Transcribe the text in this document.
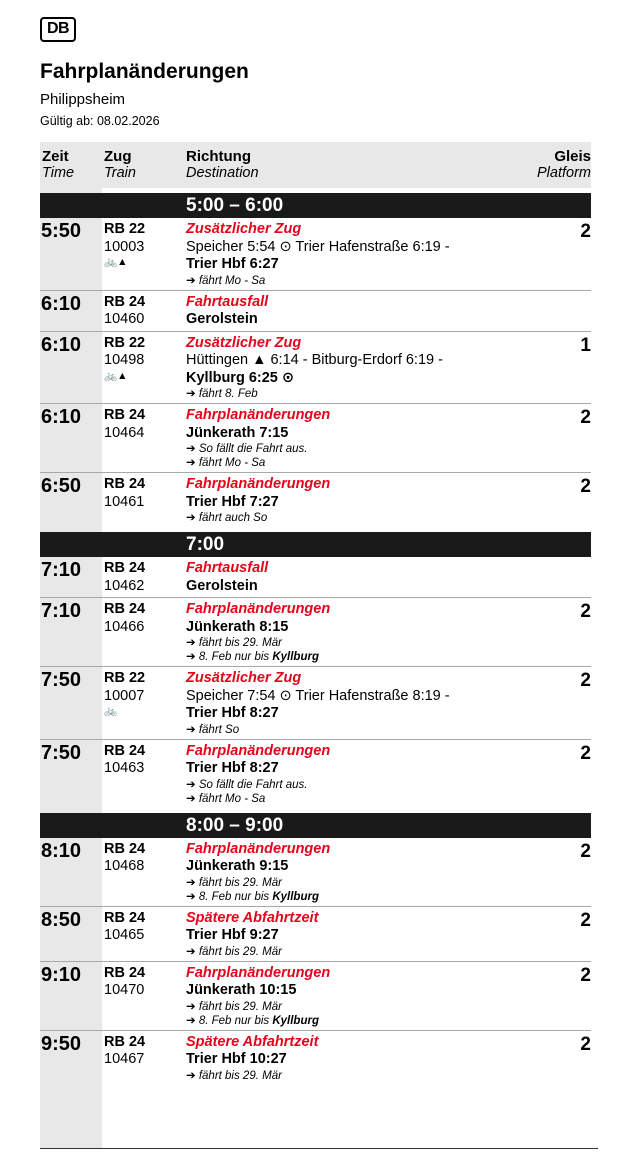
DB
Fahrplanänderungen
Philippsheim
Gültig ab: 08.02.2026
Zeit
Time
Zug
Train
Richtung
Destination
Gleis
Platform
5:00 – 6:00
5:50 RB 22
10003
🚲▲
2
Zusätzlicher Zug
Speicher 5:54 ⊙ Trier Hafenstraße 6:19 -
Trier Hbf 6:27
➔ fährt Mo - Sa
6:10 RB 24
10460
Fahrtausfall
Gerolstein
6:10 RB 22
10498
🚲▲
1
Zusätzlicher Zug
Hüttingen ▲ 6:14 - Bitburg-Erdorf 6:19 -
Kyllburg 6:25 ⊙
➔ fährt 8. Feb
6:10 RB 24
10464
2
Fahrplanänderungen
Jünkerath 7:15
➔ So fällt die Fahrt aus.
➔ fährt Mo - Sa
6:50 RB 24
10461
2
Fahrplanänderungen
Trier Hbf 7:27
➔ fährt auch So
7:00
7:10 RB 24
10462
Fahrtausfall
Gerolstein
7:10 RB 24
10466
2
Fahrplanänderungen
Jünkerath 8:15
➔ fährt bis 29. Mär
➔ 8. Feb nur bis Kyllburg
7:50 RB 22
10007
🚲
2
Zusätzlicher Zug
Speicher 7:54 ⊙ Trier Hafenstraße 8:19 -
Trier Hbf 8:27
➔ fährt So
7:50 RB 24
10463
2
Fahrplanänderungen
Trier Hbf 8:27
➔ So fällt die Fahrt aus.
➔ fährt Mo - Sa
8:00 – 9:00
8:10 RB 24
10468
2
Fahrplanänderungen
Jünkerath 9:15
➔ fährt bis 29. Mär
➔ 8. Feb nur bis Kyllburg
8:50 RB 24
10465
2
Spätere Abfahrtzeit
Trier Hbf 9:27
➔ fährt bis 29. Mär
9:10 RB 24
10470
2
Fahrplanänderungen
Jünkerath 10:15
➔ fährt bis 29. Mär
➔ 8. Feb nur bis Kyllburg
9:50 RB 24
10467
2
Spätere Abfahrtzeit
Trier Hbf 10:27
➔ fährt bis 29. Mär
